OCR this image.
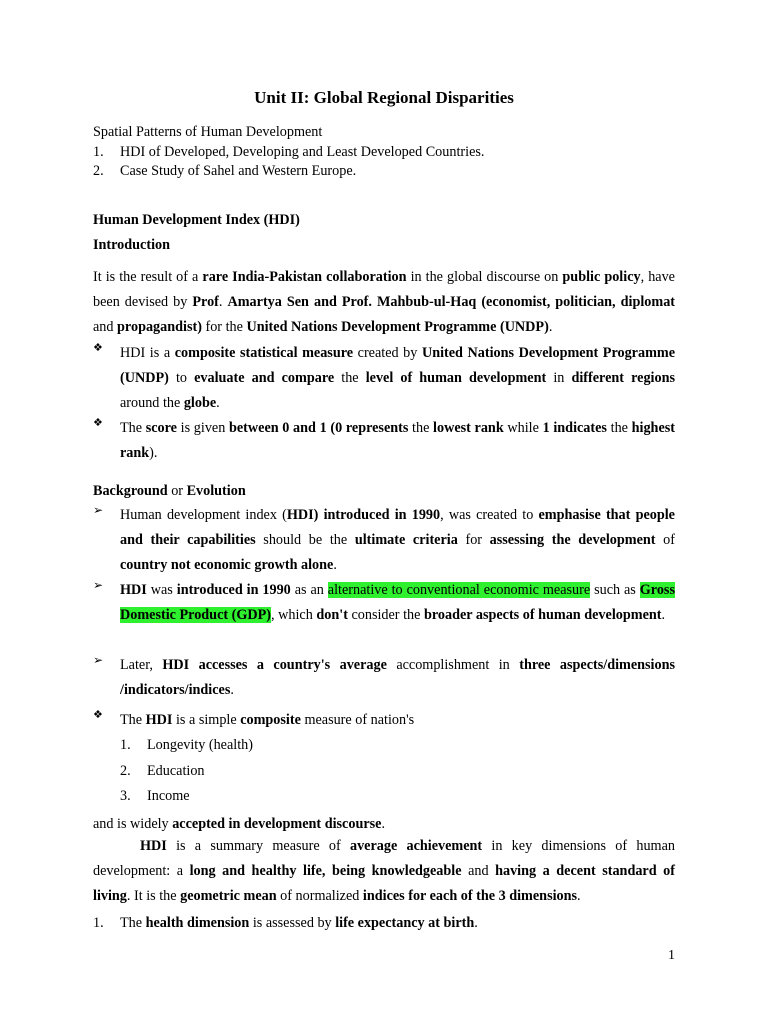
Unit II: Global Regional Disparities
Spatial Patterns of Human Development
1. HDI of Developed, Developing and Least Developed Countries.
2. Case Study of Sahel and Western Europe.
Human Development Index (HDI)
Introduction

It is the result of a rare India-Pakistan collaboration in the global discourse on public policy, have been devised by Prof. Amartya Sen and Prof. Mahbub-ul-Haq (economist, politician, diplomat and propagandist) for the United Nations Development Programme (UNDP).

❖	HDI is a composite statistical measure created by United Nations Development Programme (UNDP) to evaluate and compare the level of human development in different regions around the globe.
❖	The score is given between 0 and 1 (0 represents the lowest rank while 1 indicates the highest rank).
Background or Evolution
➢	Human development index (HDI) introduced in 1990, was created to emphasise that people and their capabilities should be the ultimate criteria for assessing the development of country not economic growth alone.
➢	HDI was introduced in 1990 as an alternative to conventional economic measure such as Gross Domestic Product (GDP), which don't consider the broader aspects of human development.
➢	Later, HDI accesses a country's average accomplishment in three aspects/dimensions /indicators/indices.
❖	The HDI is a simple composite measure of nation's
1. Longevity (health)
2. Education
3. Income
and is widely accepted in development discourse.

HDI is a summary measure of average achievement in key dimensions of human development: a long and healthy life, being knowledgeable and having a decent standard of living. It is the geometric mean of normalized indices for each of the 3 dimensions.

1. The health dimension is assessed by life expectancy at birth.
1
